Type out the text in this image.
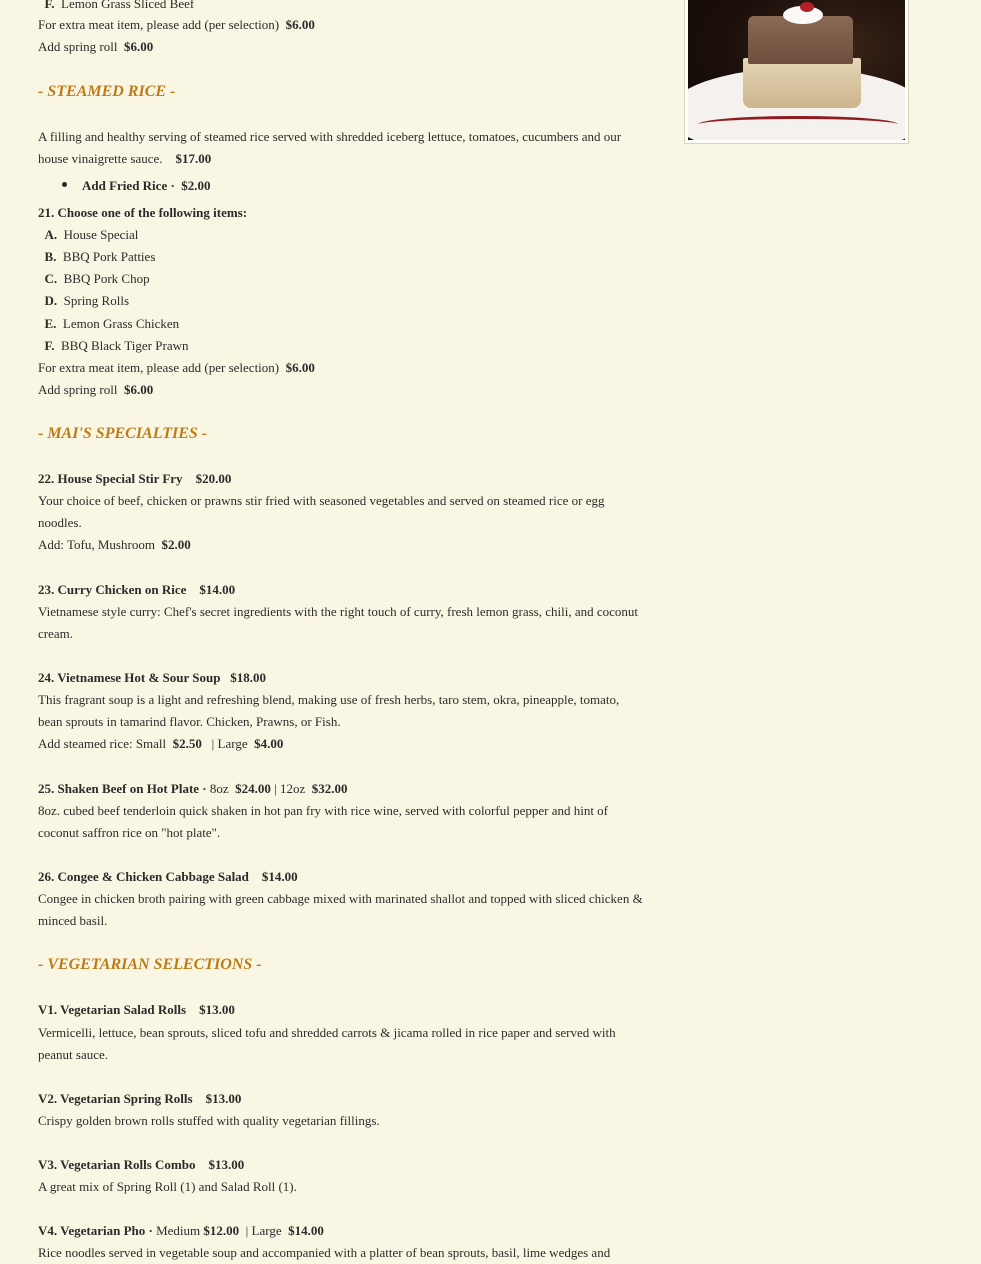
F. Lemon Grass Sliced Beef
For extra meat item, please add (per selection) $6.00
Add spring roll $6.00
- STEAMED RICE -
A filling and healthy serving of steamed rice served with shredded iceberg lettuce, tomatoes, cucumbers and our
house vinaigrette sauce. $17.00
Add Fried Rice · $2.00
21. Choose one of the following items:
A. House Special
B. BBQ Pork Patties
C. BBQ Pork Chop
D. Spring Rolls
E. Lemon Grass Chicken
F. BBQ Black Tiger Prawn
For extra meat item, please add (per selection) $6.00
Add spring roll $6.00
- MAI'S SPECIALTIES -
22. House Special Stir Fry $20.00
Your choice of beef, chicken or prawns stir fried with seasoned vegetables and served on steamed rice or egg
noodles.
Add: Tofu, Mushroom $2.00
23. Curry Chicken on Rice $14.00
Vietnamese style curry: Chef's secret ingredients with the right touch of curry, fresh lemon grass, chili, and coconut
cream.
24. Vietnamese Hot & Sour Soup $18.00
This fragrant soup is a light and refreshing blend, making use of fresh herbs, taro stem, okra, pineapple, tomato,
bean sprouts in tamarind flavor. Chicken, Prawns, or Fish.
Add steamed rice: Small $2.50 | Large $4.00
25. Shaken Beef on Hot Plate · 8oz $24.00 | 12oz $32.00
8oz. cubed beef tenderloin quick shaken in hot pan fry with rice wine, served with colorful pepper and hint of
coconut saffron rice on "hot plate".
26. Congee & Chicken Cabbage Salad $14.00
Congee in chicken broth pairing with green cabbage mixed with marinated shallot and topped with sliced chicken &
minced basil.
- VEGETARIAN SELECTIONS -
V1. Vegetarian Salad Rolls $13.00
Vermicelli, lettuce, bean sprouts, sliced tofu and shredded carrots & jicama rolled in rice paper and served with
peanut sauce.
V2. Vegetarian Spring Rolls $13.00
Crispy golden brown rolls stuffed with quality vegetarian fillings.
V3. Vegetarian Rolls Combo $13.00
A great mix of Spring Roll (1) and Salad Roll (1).
V4. Vegetarian Pho · Medium $12.00 | Large $14.00
Rice noodles served in vegetable soup and accompanied with a platter of bean sprouts, basil, lime wedges and
